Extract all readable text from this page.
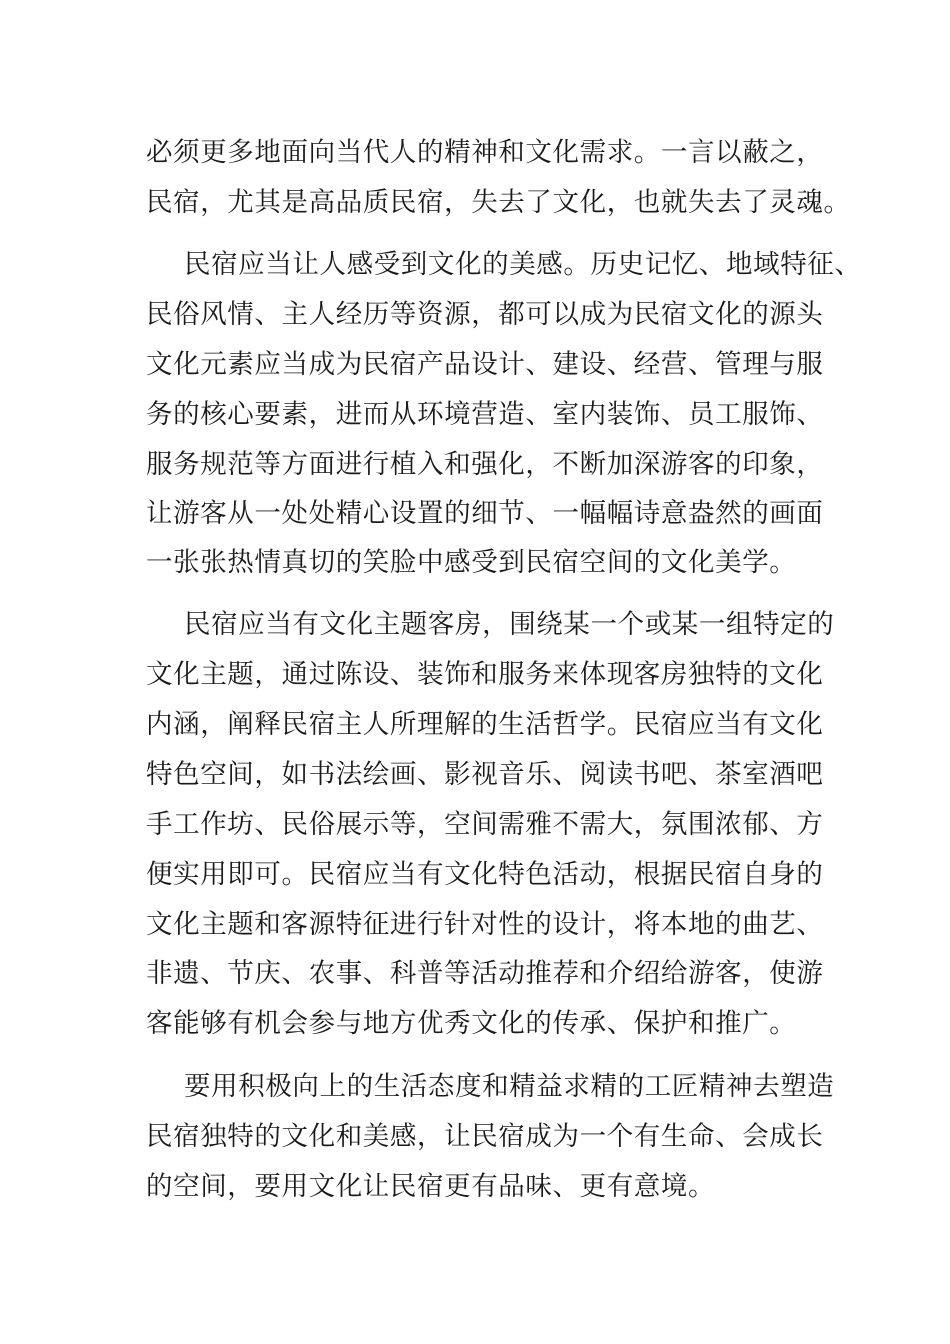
必须更多地面向当代人的精神和文化需求。一言以蔽之，
民宿，尤其是高品质民宿，失去了文化，也就失去了灵魂。
民宿应当让人感受到文化的美感。历史记忆、地域特征、
民俗风情、主人经历等资源，都可以成为民宿文化的源头
文化元素应当成为民宿产品设计、建设、经营、管理与服
务的核心要素，进而从环境营造、室内装饰、员工服饰、
服务规范等方面进行植入和强化，不断加深游客的印象，
让游客从一处处精心设置的细节、一幅幅诗意盎然的画面
一张张热情真切的笑脸中感受到民宿空间的文化美学。
民宿应当有文化主题客房，围绕某一个或某一组特定的
文化主题，通过陈设、装饰和服务来体现客房独特的文化
内涵，阐释民宿主人所理解的生活哲学。民宿应当有文化
特色空间，如书法绘画、影视音乐、阅读书吧、茶室酒吧
手工作坊、民俗展示等，空间需雅不需大，氛围浓郁、方
便实用即可。民宿应当有文化特色活动，根据民宿自身的
文化主题和客源特征进行针对性的设计，将本地的曲艺、
非遗、节庆、农事、科普等活动推荐和介绍给游客，使游
客能够有机会参与地方优秀文化的传承、保护和推广。
要用积极向上的生活态度和精益求精的工匠精神去塑造
民宿独特的文化和美感，让民宿成为一个有生命、会成长
的空间，要用文化让民宿更有品味、更有意境。
